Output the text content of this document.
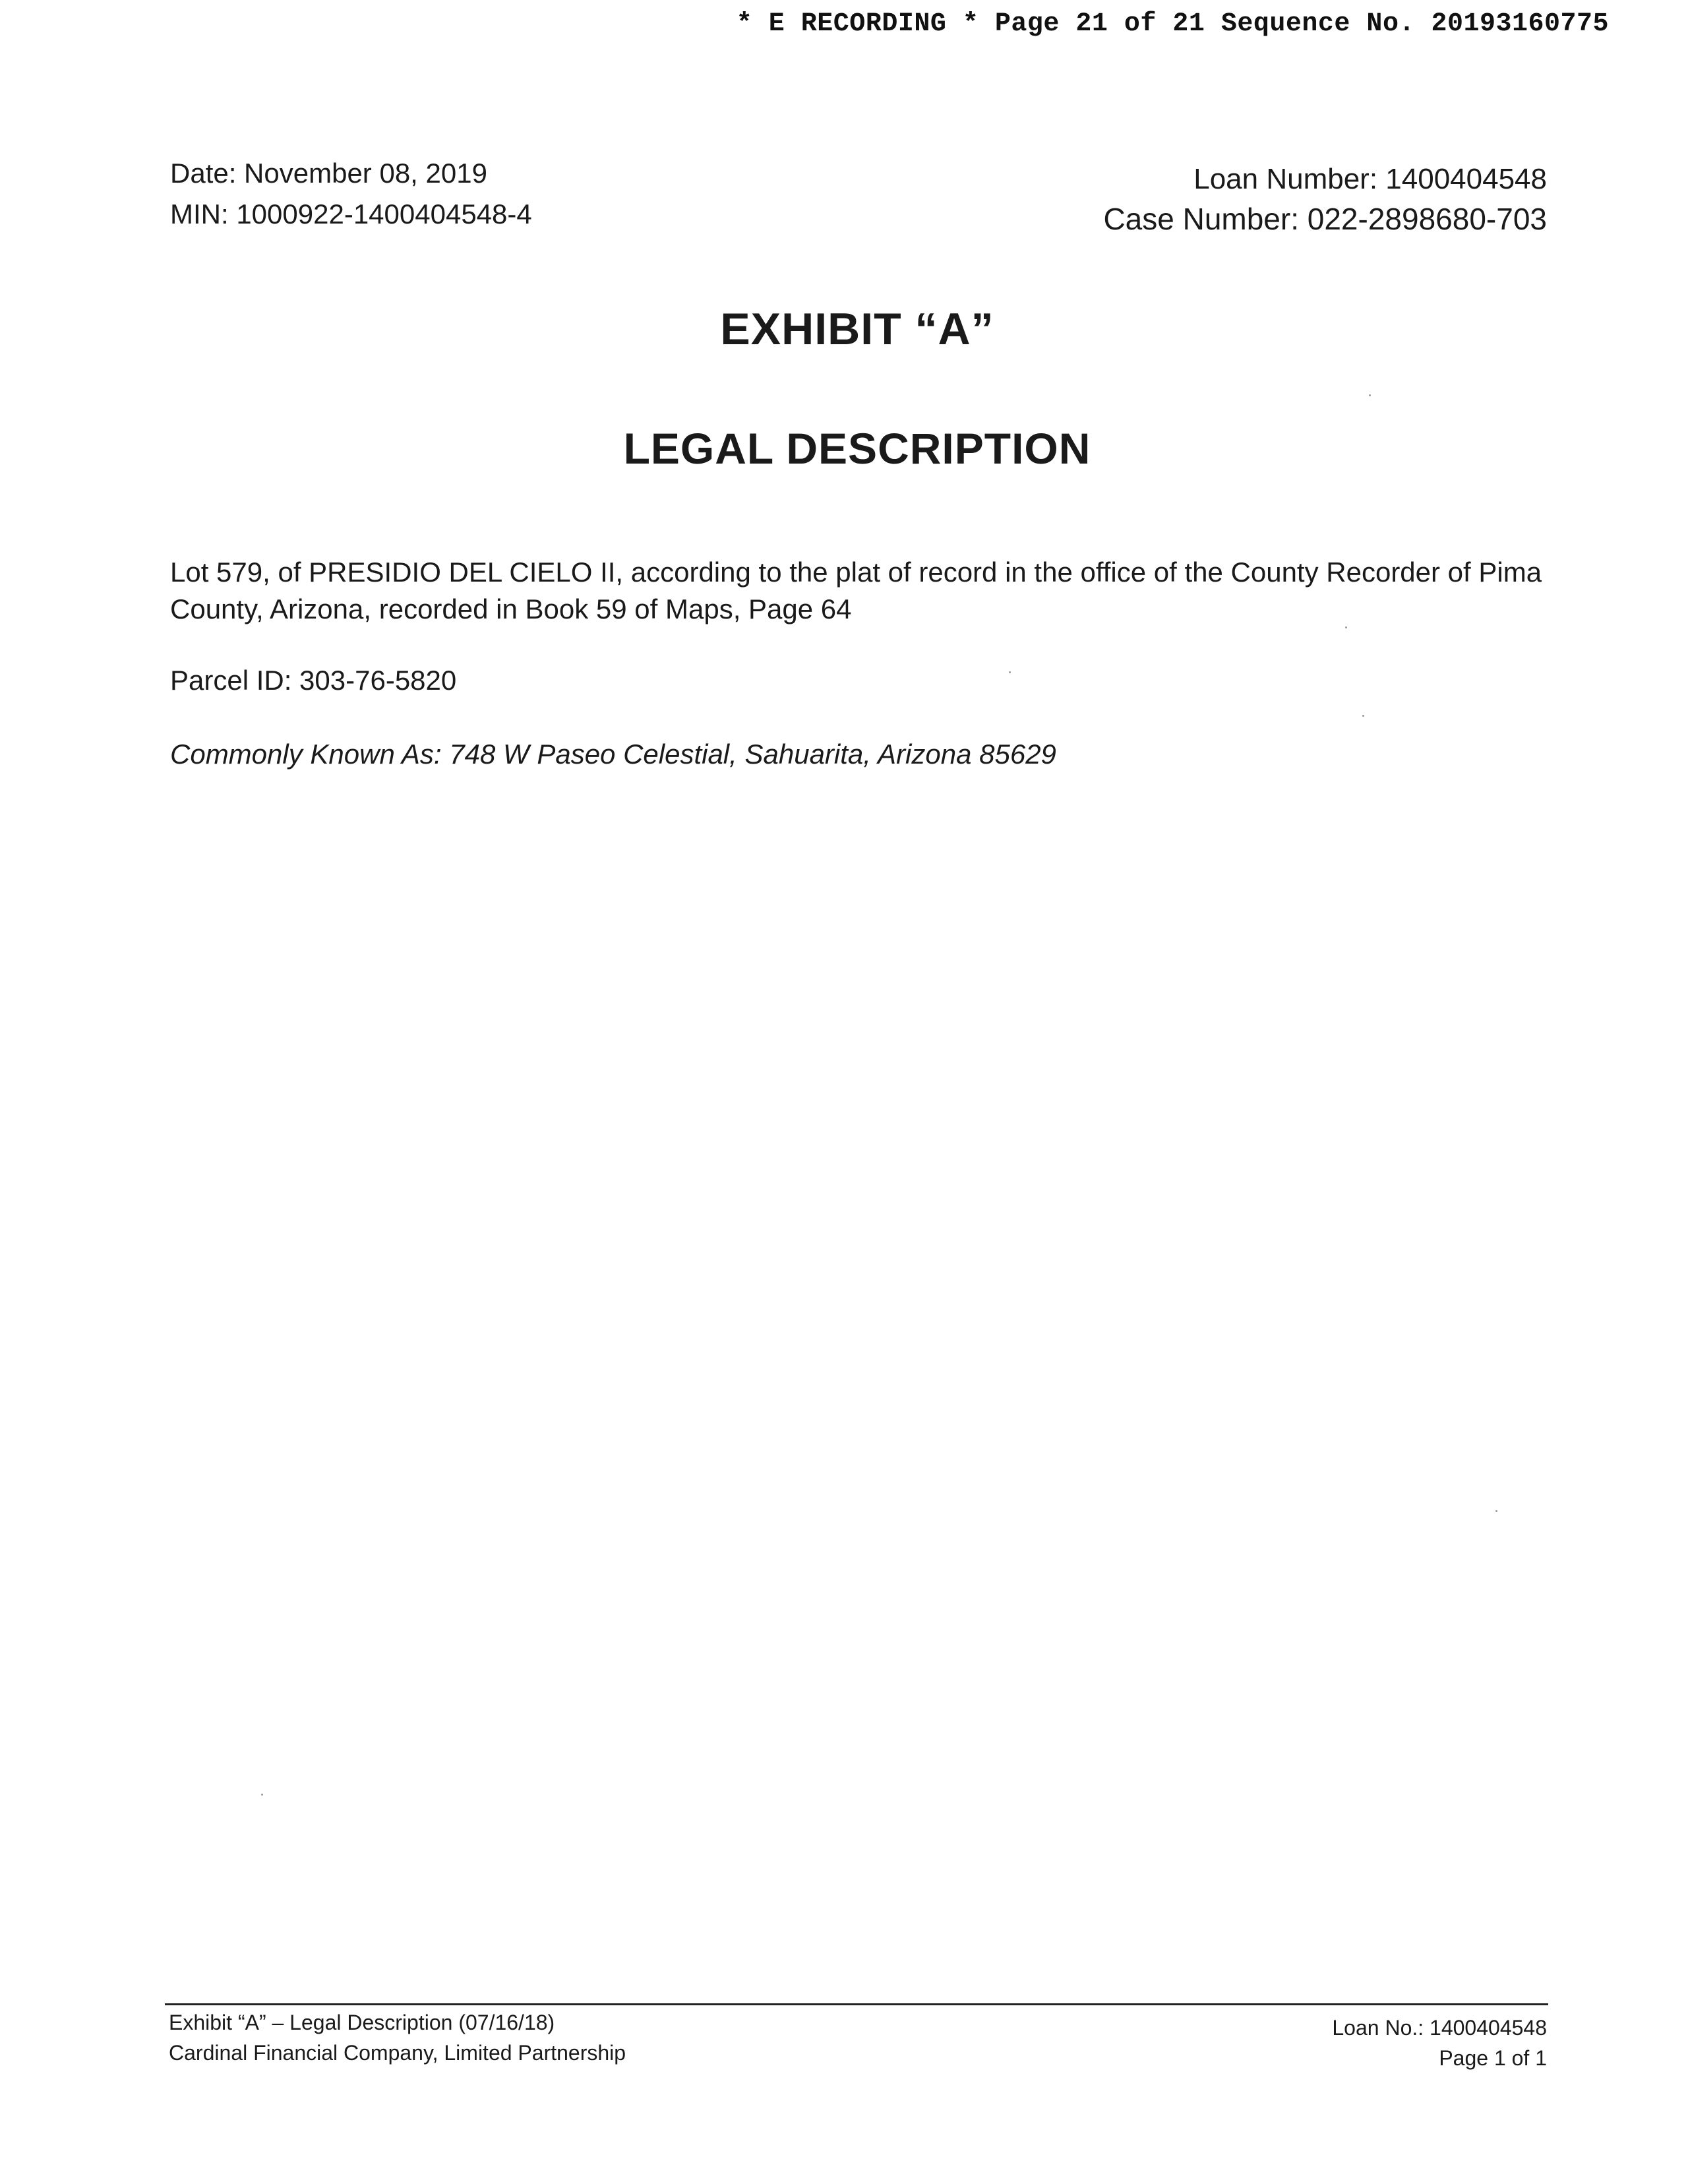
* E RECORDING * Page 21 of 21 Sequence No. 20193160775
Date: November 08, 2019
MIN: 1000922-1400404548-4
Loan Number: 1400404548
Case Number: 022-2898680-703
EXHIBIT “A”
LEGAL DESCRIPTION
Lot 579, of PRESIDIO DEL CIELO II, according to the plat of record in the office of the County Recorder of Pima County, Arizona, recorded in Book 59 of Maps, Page 64
Parcel ID: 303-76-5820
Commonly Known As: 748 W Paseo Celestial, Sahuarita, Arizona 85629
Exhibit “A” – Legal Description (07/16/18)
Cardinal Financial Company, Limited Partnership
Loan No.: 1400404548
Page 1 of 1
